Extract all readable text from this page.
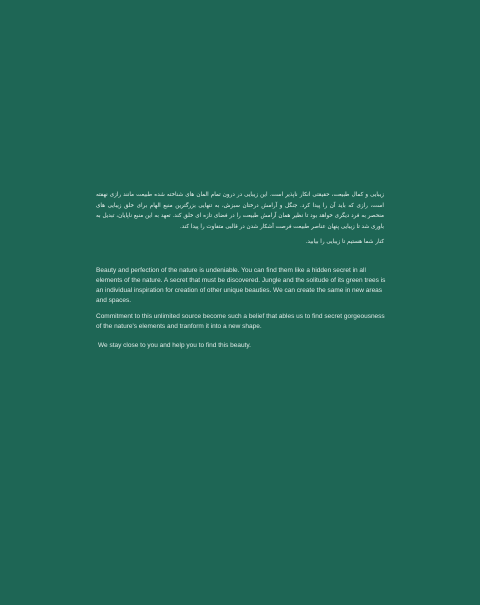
زیبایی و کمال طبیعت، حقیقتی انکار ناپذیر است. این زیبایی در درون تمام المان های شناخته شده طبیعت مانند رازی نهفته است، رازی که باید آن را پیدا کرد. جنگل و آرامش درختان سبزش، به تنهایی بزرگترین منبع الهام برای خلق زیبایی های منحصر به فرد دیگری خواهد بود تا نظیر همان آرامش طبیعت را در فضای تازه ای خلق کند. تعهد به این منبع ناپایان، تبدیل به باوری شد تا زیبایی پنهان عناصر طبیعت فرصت آشکار شدن در قالبی متفاوت را پیدا کند.

کنار شما هستیم تا زیبایی را بیابید.

Beauty and perfection of the nature is undeniable. You can find them like a hidden secret in all elements of the nature. A secret that must be discovered. Jungle and the solitude of its green trees is an individual inspiration for creation of other unique beauties. We can create the same in new areas and spaces.

Commitment to this unlimited source become such a belief that ables us to find secret gorgeousness of the nature's elements and tranform it into a new shape.

We stay close to you and help you to find this beauty.
